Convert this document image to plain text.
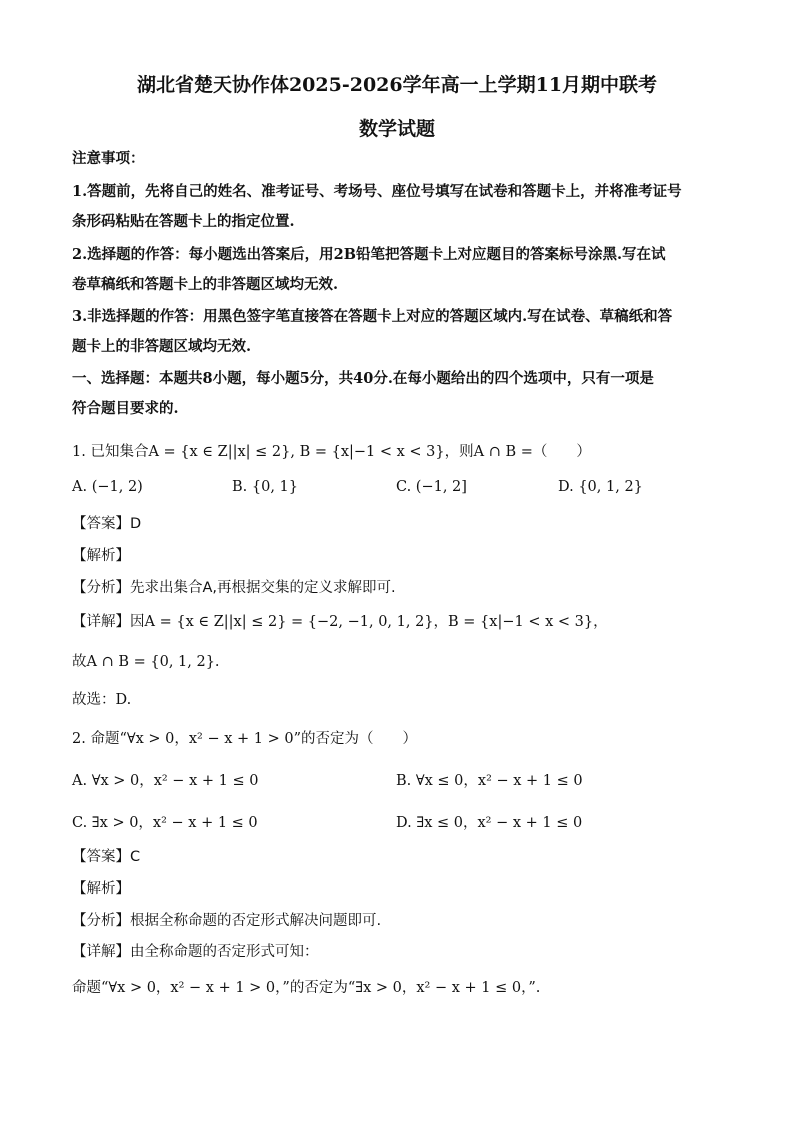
湖北省楚天协作体2025-2026学年高一上学期11月期中联考
数学试题
注意事项：
1.答题前，先将自己的姓名、准考证号、考场号、座位号填写在试卷和答题卡上，并将准考证号
条形码粘贴在答题卡上的指定位置.
2.选择题的作答：每小题选出答案后，用2B铅笔把答题卡上对应题目的答案标号涂黑.写在试
卷草稿纸和答题卡上的非答题区域均无效.
3.非选择题的作答：用黑色签字笔直接答在答题卡上对应的答题区域内.写在试卷、草稿纸和答
题卡上的非答题区域均无效.
一、选择题：本题共8小题，每小题5分，共40分.在每小题给出的四个选项中，只有一项是
符合题目要求的.
1. 已知集合A = {x ∈ Z||x| ≤ 2}, B = {x|−1 < x < 3}，则A ∩ B =（　　）
A. (−1, 2)	B. {0, 1}	C. (−1, 2]	D. {0, 1, 2}
【答案】D
【解析】
【分析】先求出集合A,再根据交集的定义求解即可.
【详解】因A = {x ∈ Z||x| ≤ 2} = {−2, −1, 0, 1, 2}，B = {x|−1 < x < 3}，
故A ∩ B = {0, 1, 2}.
故选：D.
2. 命题“∀x > 0，x² − x + 1 > 0”的否定为（　　）
A. ∀x > 0，x² − x + 1 ≤ 0	B. ∀x ≤ 0，x² − x + 1 ≤ 0
C. ∃x > 0，x² − x + 1 ≤ 0	D. ∃x ≤ 0，x² − x + 1 ≤ 0
【答案】C
【解析】
【分析】根据全称命题的否定形式解决问题即可.
【详解】由全称命题的否定形式可知：
命题“∀x > 0，x² − x + 1 > 0，”的否定为“∃x > 0，x² − x + 1 ≤ 0，”.
